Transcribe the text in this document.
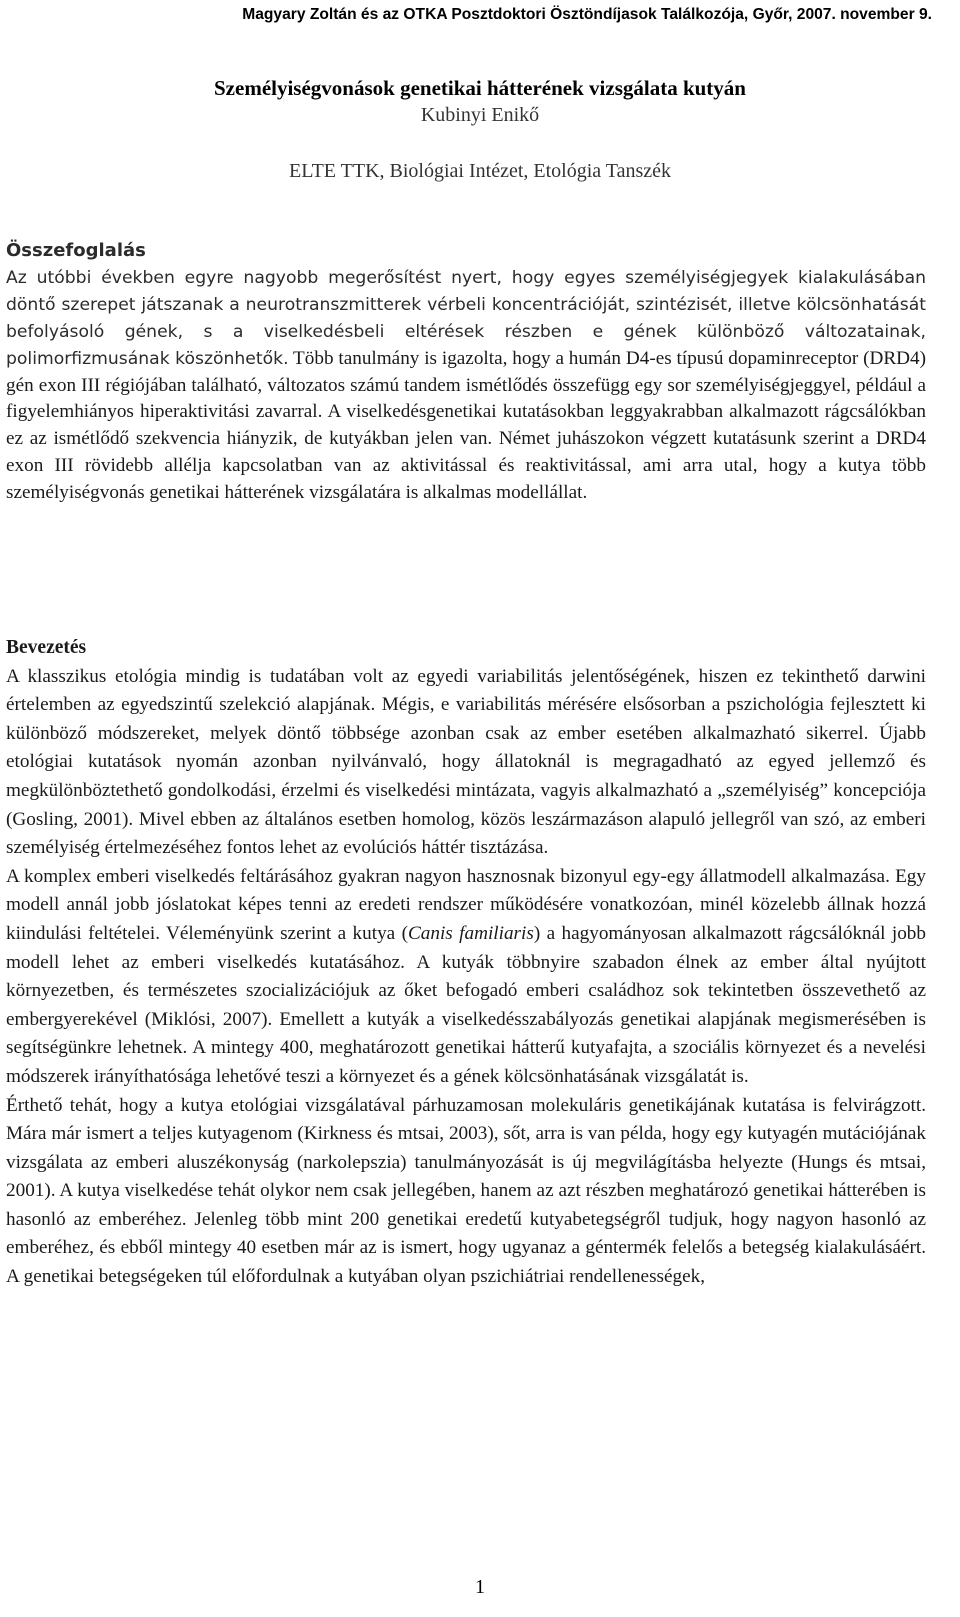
Magyary Zoltán és az OTKA Posztdoktori Ösztöndíjasok Találkozója, Győr, 2007. november 9.
Személyiségvonások genetikai hátterének vizsgálata kutyán
Kubinyi Enikő
ELTE TTK, Biológiai Intézet, Etológia Tanszék
Összefoglalás

Az utóbbi években egyre nagyobb megerősítést nyert, hogy egyes személyiségjegyek kialakulásában döntő szerepet játszanak a neurotranszmitterek vérbeli koncentrációját, szintézisét, illetve kölcsönhatását befolyásoló gének, s a viselkedésbeli eltérések részben e gének különböző változatainak, polimorfizmusának köszönhetők. Több tanulmány is igazolta, hogy a humán D4-es típusú dopaminreceptor (DRD4) gén exon III régiójában található, változatos számú tandem ismétlődés összefügg egy sor személyiségjeggyel, például a figyelemhiányos hiperaktivitási zavarral. A viselkedésgenetikai kutatásokban leggyakrabban alkalmazott rágcsálókban ez az ismétlődő szekvencia hiányzik, de kutyákban jelen van. Német juhászokon végzett kutatásunk szerint a DRD4 exon III rövidebb allélja kapcsolatban van az aktivitással és reaktivitással, ami arra utal, hogy a kutya több személyiségvonás genetikai hátterének vizsgálatára is alkalmas modellállat.

Bevezetés

A klasszikus etológia mindig is tudatában volt az egyedi variabilitás jelentőségének, hiszen ez tekinthető darwini értelemben az egyedszintű szelekció alapjának. Mégis, e variabilitás mérésére elsősorban a pszichológia fejlesztett ki különböző módszereket, melyek döntő többsége azonban csak az ember esetében alkalmazható sikerrel. Újabb etológiai kutatások nyomán azonban nyilvánvaló, hogy állatoknál is megragadható az egyed jellemző és megkülönböztethető gondolkodási, érzelmi és viselkedési mintázata, vagyis alkalmazható a „személyiség” koncepciója (Gosling, 2001). Mivel ebben az általános esetben homolog, közös leszármazáson alapuló jellegről van szó, az emberi személyiség értelmezéséhez fontos lehet az evolúciós háttér tisztázása.

A komplex emberi viselkedés feltárásához gyakran nagyon hasznosnak bizonyul egy-egy állatmodell alkalmazása. Egy modell annál jobb jóslatokat képes tenni az eredeti rendszer működésére vonatkozóan, minél közelebb állnak hozzá kiindulási feltételei. Véleményünk szerint a kutya (Canis familiaris) a hagyományosan alkalmazott rágcsálóknál jobb modell lehet az emberi viselkedés kutatásához. A kutyák többnyire szabadon élnek az ember által nyújtott környezetben, és természetes szocializációjuk az őket befogadó emberi családhoz sok tekintetben összevethető az embergyerekével (Miklósi, 2007). Emellett a kutyák a viselkedésszabályozás genetikai alapjának megismerésében is segítségünkre lehetnek. A mintegy 400, meghatározott genetikai hátterű kutyafajta, a szociális környezet és a nevelési módszerek irányíthatósága lehetővé teszi a környezet és a gének kölcsönhatásának vizsgálatát is.

Érthető tehát, hogy a kutya etológiai vizsgálatával párhuzamosan molekuláris genetikájának kutatása is felvirágzott. Mára már ismert a teljes kutyagenom (Kirkness és mtsai, 2003), sőt, arra is van példa, hogy egy kutyagén mutációjának vizsgálata az emberi aluszékonyság (narkolepszia) tanulmányozását is új megvilágításba helyezte (Hungs és mtsai, 2001). A kutya viselkedése tehát olykor nem csak jellegében, hanem az azt részben meghatározó genetikai hátterében is hasonló az emberéhez. Jelenleg több mint 200 genetikai eredetű kutyabetegségről tudjuk, hogy nagyon hasonló az emberéhez, és ebből mintegy 40 esetben már az is ismert, hogy ugyanaz a géntermék felelős a betegség kialakulásáért. A genetikai betegségeken túl előfordulnak a kutyában olyan pszichiátriai rendellenességek,

1
